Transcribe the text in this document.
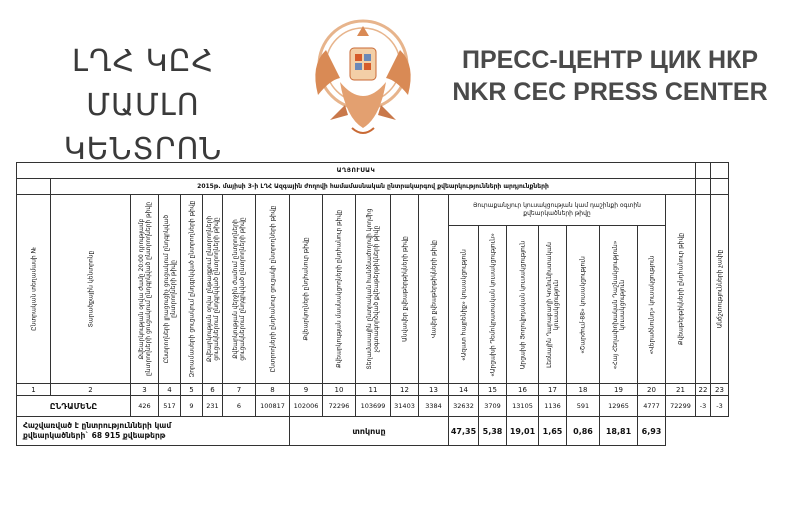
ԼՂՀ ԿԸՀ ՄԱՄԼՈ
ԿԵՆՏՐՈՆ
ПРЕСС-ЦЕНТР ЦИК НКР
NKR CEC PRESS CENTER
ԱՂՅՈՒՍԱԿ																						
	2015թ. մայիսի 3-ի ԼՂՀ Ազգային ժողովի համամասնական ընտրակարգով քվեարկությունների արդյունքների																					

Ընտրական տեղամասի №	Տարածքային կենտրոնը	Քվեարկության օրվա ժամը 20:00 դրությամբ ընտրողների ցուցակում ընդգրկված ընտրողների թիվը	Ընտրողների լրացուցիչ ցուցակում ընդգրկված ընտրողների թիվը	Զորամասերի ցուցակում ընդգրկված ընտրողների թիվը	Քվեարկության օրվա ընթացքում ընտրողների ցուցակներում ընդգրկված ընտրողների թիվը	Քվեարկության վերջին ժամում ընտրողների ցուցակներում ընդգրկված ընտրողների թիվը	Ընտրողների ընդհանուր ցուցակի ընտրողների թիվը	Քվեարկողների ընդհանուր թիվը	Քվեարկության մասնակցողների ընդհանուր թիվը	Տեղամասային ընտրական հանձնաժողովի կողմից չօգտագործված քվեաթերթիկների թիվը	Անվավեր քվեաթերթիկների թիվը	Վավեր քվեաթերթիկների թիվը	Յուրաքանչյուր կուսակցության կամ դաշինքի օգտին քվեարկածների թիվը							Քվեաթերթիկների ընդհանուր թիվը		Անճշտությունների չափը

													«Ազատ հայրենիք» կուսակցություն	«Արցախի Դեմոկրատական կուսակցություն»	Արցախի Յողովրդական կուսակցություն	Լեռնային Ղարաբաղի Կոմունիստական կուսակցություն	«Շարժում-88» կուսակցություն	«Հայ Հեղափոխական Դաշնակցություն» կուսակցություն	«Վերածնունդ» կուսակցություն			

1	2	3	4	5	6	7	8	9	10	11	12	13	14	15	16	17	18	19	20	21	22	23
ԸՆԴԱՄԵՆԸ		426	517	9	231	6	100817	102006	72296	103699	31403	3384	32632	3709	13105	1136	591	12965	4777	72299	-3	-3

Հաշվառված է ընտրությունների կամ
քվեարկածների` 68 915 քվեաթերթ								տոկոսը					47,35	5,38	19,01	1,65	0,86	18,81	6,93			
